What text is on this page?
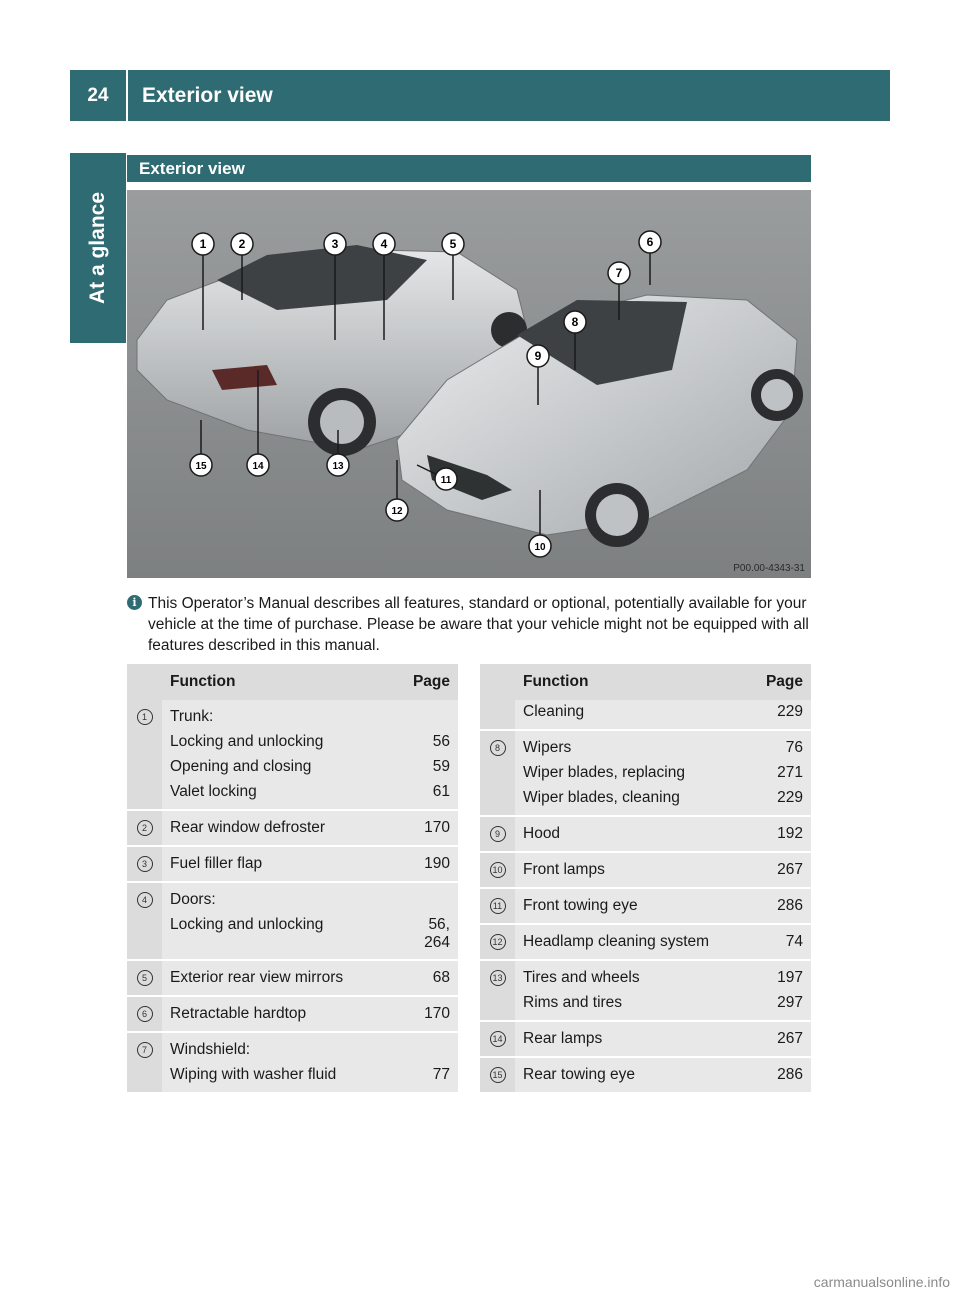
24	Exterior view
At a glance
Exterior view
1	2	3	4	5	6
7
8
9
10
11
12
13
14
15
P00.00-4343-31
i This Operator’s Manual describes all features, standard or optional, potentially available for your vehicle at the time of purchase. Please be aware that your vehicle might not be equipped with all features described in this manual.
	Function	Page
1	Trunk:	
	Locking and unlocking	56
	Opening and closing	59
	Valet locking	61
2	Rear window defroster	170
3	Fuel filler flap	190
4	Doors:	
	Locking and unlocking	56, 264
5	Exterior rear view mirrors	68
6	Retractable hardtop	170
7	Windshield:	
	Wiping with washer fluid	77
	Function	Page
	Cleaning	229
8	Wipers	76
	Wiper blades, replacing	271
	Wiper blades, cleaning	229
9	Hood	192
10	Front lamps	267
11	Front towing eye	286
12	Headlamp cleaning system	74
13	Tires and wheels	197
	Rims and tires	297
14	Rear lamps	267
15	Rear towing eye	286
carmanualsonline.info
